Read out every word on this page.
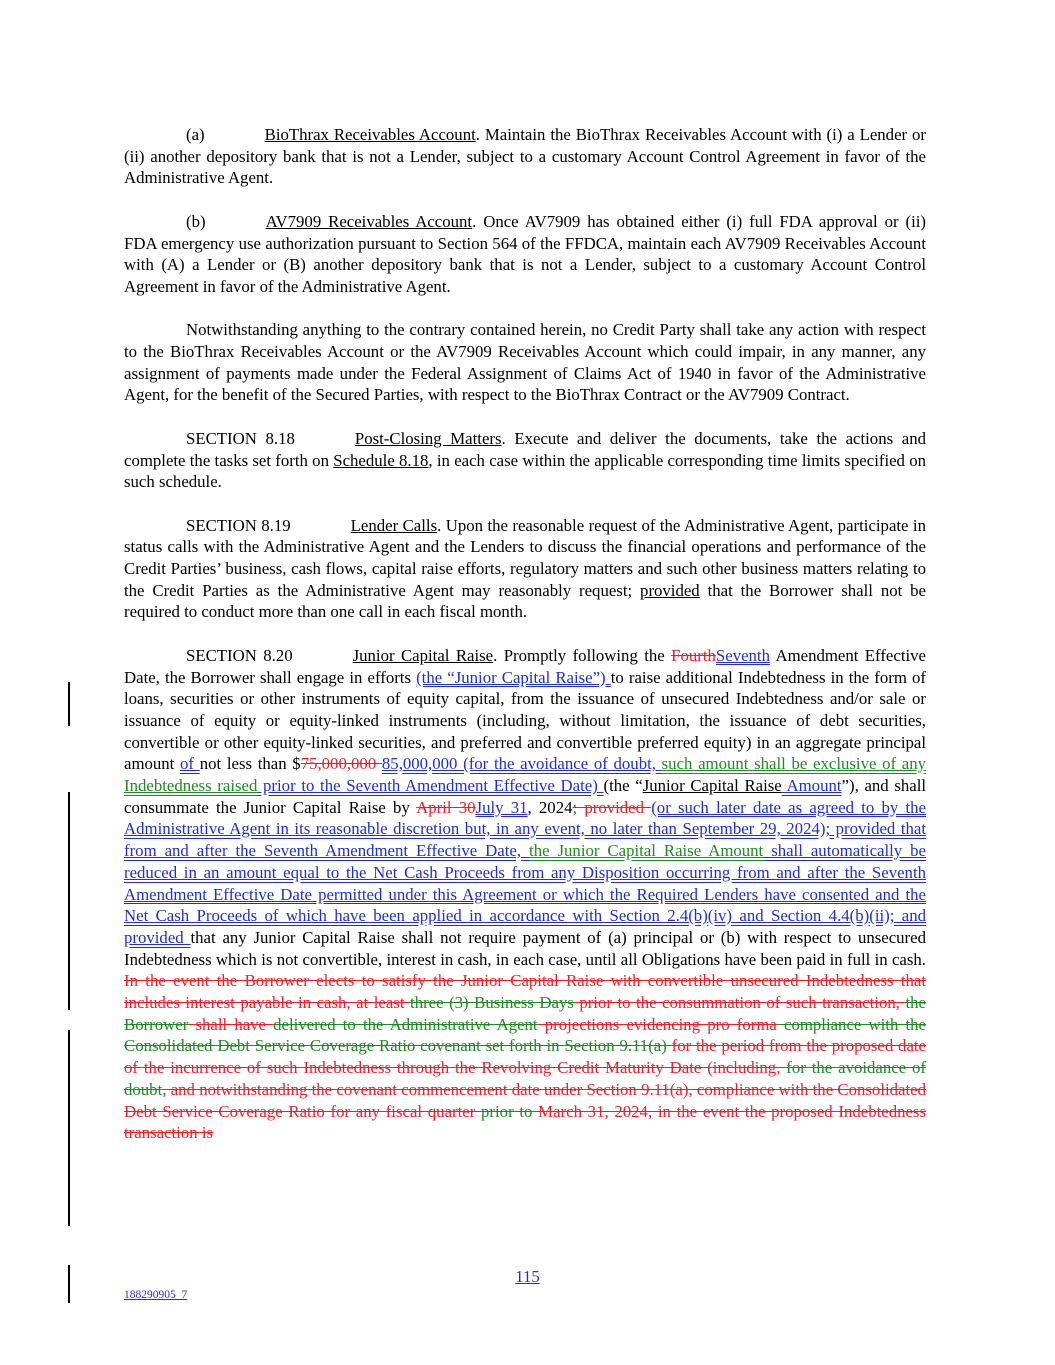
(a)	BioThrax Receivables Account. Maintain the BioThrax Receivables Account with (i) a Lender or (ii) another depository bank that is not a Lender, subject to a customary Account Control Agreement in favor of the Administrative Agent.

(b)	AV7909 Receivables Account. Once AV7909 has obtained either (i) full FDA approval or (ii) FDA emergency use authorization pursuant to Section 564 of the FFDCA, maintain each AV7909 Receivables Account with (A) a Lender or (B) another depository bank that is not a Lender, subject to a customary Account Control Agreement in favor of the Administrative Agent.

Notwithstanding anything to the contrary contained herein, no Credit Party shall take any action with respect to the BioThrax Receivables Account or the AV7909 Receivables Account which could impair, in any manner, any assignment of payments made under the Federal Assignment of Claims Act of 1940 in favor of the Administrative Agent, for the benefit of the Secured Parties, with respect to the BioThrax Contract or the AV7909 Contract.

SECTION 8.18	Post-Closing Matters. Execute and deliver the documents, take the actions and complete the tasks set forth on Schedule 8.18, in each case within the applicable corresponding time limits specified on such schedule.

SECTION 8.19	Lender Calls. Upon the reasonable request of the Administrative Agent, participate in status calls with the Administrative Agent and the Lenders to discuss the financial operations and performance of the Credit Parties’ business, cash flows, capital raise efforts, regulatory matters and such other business matters relating to the Credit Parties as the Administrative Agent may reasonably request; provided that the Borrower shall not be required to conduct more than one call in each fiscal month.

SECTION 8.20	Junior Capital Raise. Promptly following the FourthSeventh Amendment Effective Date, the Borrower shall engage in efforts (the “Junior Capital Raise”) to raise additional Indebtedness in the form of loans, securities or other instruments of equity capital, from the issuance of unsecured Indebtedness and/or sale or issuance of equity or equity-linked instruments (including, without limitation, the issuance of debt securities, convertible or other equity-linked securities, and preferred and convertible preferred equity) in an aggregate principal amount of not less than $75,000,000 85,000,000 (for the avoidance of doubt, such amount shall be exclusive of any Indebtedness raised prior to the Seventh Amendment Effective Date) (the “Junior Capital Raise Amount”), and shall consummate the Junior Capital Raise by April 30July 31, 2024; provided (or such later date as agreed to by the Administrative Agent in its reasonable discretion but, in any event, no later than September 29, 2024); provided that from and after the Seventh Amendment Effective Date, the Junior Capital Raise Amount shall automatically be reduced in an amount equal to the Net Cash Proceeds from any Disposition occurring from and after the Seventh Amendment Effective Date permitted under this Agreement or which the Required Lenders have consented and the Net Cash Proceeds of which have been applied in accordance with Section 2.4(b)(iv) and Section 4.4(b)(ii); and provided that any Junior Capital Raise shall not require payment of (a) principal or (b) with respect to unsecured Indebtedness which is not convertible, interest in cash, in each case, until all Obligations have been paid in full in cash. In the event the Borrower elects to satisfy the Junior Capital Raise with convertible unsecured Indebtedness that includes interest payable in cash, at least three (3) Business Days prior to the consummation of such transaction, the Borrower shall have delivered to the Administrative Agent projections evidencing pro forma compliance with the Consolidated Debt Service Coverage Ratio covenant set forth in Section 9.11(a) for the period from the proposed date of the incurrence of such Indebtedness through the Revolving Credit Maturity Date (including, for the avoidance of doubt, and notwithstanding the covenant commencement date under Section 9.11(a), compliance with the Consolidated Debt Service Coverage Ratio for any fiscal quarter prior to March 31, 2024, in the event the proposed Indebtedness transaction is

115
188290905_7
